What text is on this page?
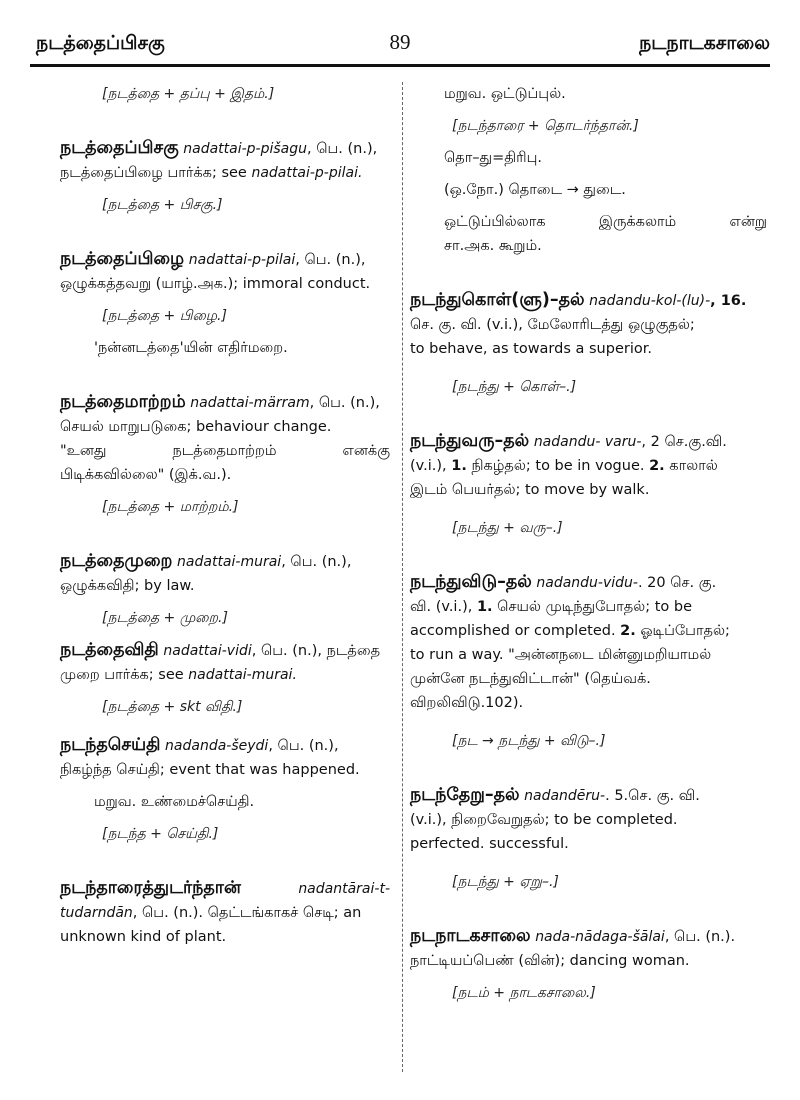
நடத்தைப்பிசகு	89	நடநாடகசாலை
[நடத்தை + தப்பு + இதம்.]
நடத்தைப்பிசகு nadattai-p-pišagu, பெ. (n.),
நடத்தைப்பிழை பார்க்க; see nadattai-p-pilai.
[நடத்தை + பிசகு.]
நடத்தைப்பிழை nadattai-p-pilai, பெ. (n.),
ஒழுக்கத்தவறு (யாழ்.அக.); immoral conduct.
[நடத்தை + பிழை.]
'நன்னடத்தை'யின் எதிர்மறை.
நடத்தைமாற்றம் nadattai-märram, பெ. (n.),
செயல் மாறுபடுகை; behaviour change.
"உனது நடத்தைமாற்றம் எனக்கு
பிடிக்கவில்லை" (இக்.வ.).
[நடத்தை + மாற்றம்.]
நடத்தைமுறை nadattai-murai, பெ. (n.),
ஒழுக்கவிதி; by law.
[நடத்தை + முறை.]
நடத்தைவிதி nadattai-vidi, பெ. (n.), நடத்தை
முறை பார்க்க; see nadattai-murai.
[நடத்தை + skt விதி.]
நடந்தசெய்தி nadanda-šeydi, பெ. (n.),
நிகழ்ந்த செய்தி; event that was happened.
மறுவ. உண்மைச்செய்தி.
[நடந்த + செய்தி.]
நடந்தாரைத்துடர்ந்தான்	nadantārai-t-
tudarndān, பெ. (n.). தெட்டங்காகச் செடி; an
unknown kind of plant.
மறுவ. ஒட்டுப்புல்.
[நடந்தாரை + தொடர்ந்தான்.]
தொ–து=திரிபு.
(ஒ.நோ.) தொடை → துடை.
ஒட்டுப்பில்லாக இருக்கலாம் என்று
சா.அக. கூறும்.
நடந்துகொள்(ளு)–தல் nadandu-kol-(lu)-, 16.
செ. கு. வி. (v.i.), மேலோரிடத்து ஒழுகுதல்;
to behave, as towards a superior.
[நடந்து + கொள்–.]
நடந்துவரு–தல் nadandu- varu-, 2 செ.கு.வி.
(v.i.), 1. நிகழ்தல்; to be in vogue. 2. காலால்
இடம் பெயர்தல்; to move by walk.
[நடந்து + வரு–.]
நடந்துவிடு–தல் nadandu-vidu-. 20 செ. கு.
வி. (v.i.), 1. செயல் முடிந்துபோதல்; to be
accomplished or completed. 2. ஓடிப்போதல்;
to run a way. "அன்னநடை மின்னுமறியாமல்
முன்னே நடந்துவிட்டான்" (தெய்வக்.
விறலிவிடு.102).
[நட → நடந்து + விடு–.]
நடந்தேறு–தல் nadandēru-. 5.செ. கு. வி.
(v.i.), நிறைவேறுதல்; to be completed.
perfected. successful.
[நடந்து + ஏறு–.]
நடநாடகசாலை nada-nādaga-šālai, பெ. (n.).
நாட்டியப்பெண் (வின்); dancing woman.
[நடம் + நாடகசாலை.]
